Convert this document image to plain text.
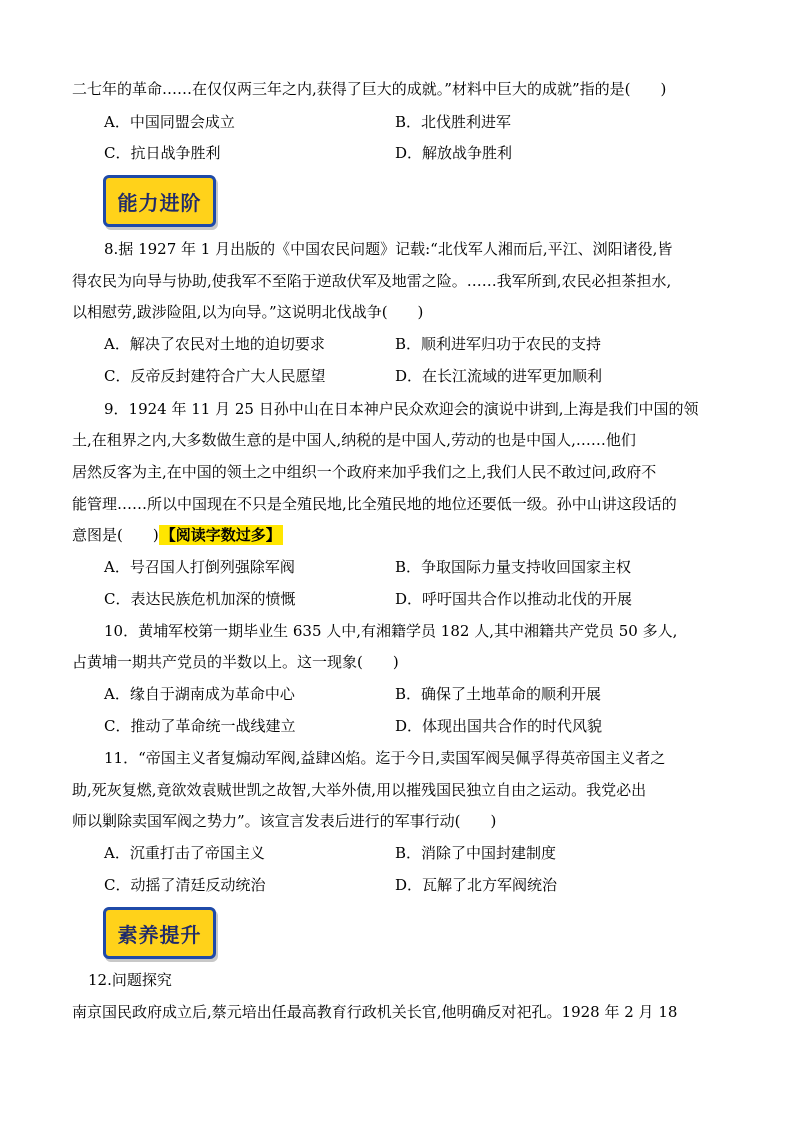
二七年的革命……在仅仅两三年之内,获得了巨大的成就。”材料中巨大的成就”指的是(　　)
A．中国同盟会成立	B．北伐胜利进军
C．抗日战争胜利	D．解放战争胜利
能力进阶
8.据 1927 年 1 月出版的《中国农民问题》记载:“北伐军人湘而后,平江、浏阳诸役,皆
得农民为向导与协助,使我军不至陷于逆敌伏军及地雷之险。……我军所到,农民必担茶担水,
以相慰劳,跋涉险阻,以为向导。”这说明北伐战争(　　)
A．解决了农民对土地的迫切要求	B．顺利进军归功于农民的支持
C．反帝反封建符合广大人民愿望	D．在长江流域的进军更加顺利
9．1924 年 11 月 25 日孙中山在日本神户民众欢迎会的演说中讲到,上海是我们中国的领
土,在租界之内,大多数做生意的是中国人,纳税的是中国人,劳动的也是中国人,……他们
居然反客为主,在中国的领土之中组织一个政府来加乎我们之上,我们人民不敢过问,政府不
能管理……所以中国现在不只是全殖民地,比全殖民地的地位还要低一级。孙中山讲这段话的
意图是(　　) 【阅读字数过多】
A．号召国人打倒列强除军阀	B．争取国际力量支持收回国家主权
C．表达民族危机加深的愤慨	D．呼吁国共合作以推动北伐的开展
10．黄埔军校第一期毕业生 635 人中,有湘籍学员 182 人,其中湘籍共产党员 50 多人,
占黄埔一期共产党员的半数以上。这一现象(　　)
A．缘自于湖南成为革命中心	B．确保了土地革命的顺利开展
C．推动了革命统一战线建立	D．体现出国共合作的时代风貌
11．“帝国主义者复煽动军阀,益肆凶焰。迄于今日,卖国军阀吴佩孚得英帝国主义者之
助,死灰复燃,竟欲效袁贼世凯之故智,大举外债,用以摧残国民独立自由之运动。我党必出
师以剿除卖国军阀之势力”。该宣言发表后进行的军事行动(　　)
A．沉重打击了帝国主义	B．消除了中国封建制度
C．动摇了清廷反动统治	D．瓦解了北方军阀统治
素养提升
12.问题探究
南京国民政府成立后,蔡元培出任最高教育行政机关长官,他明确反对祀孔。1928 年 2 月 18
